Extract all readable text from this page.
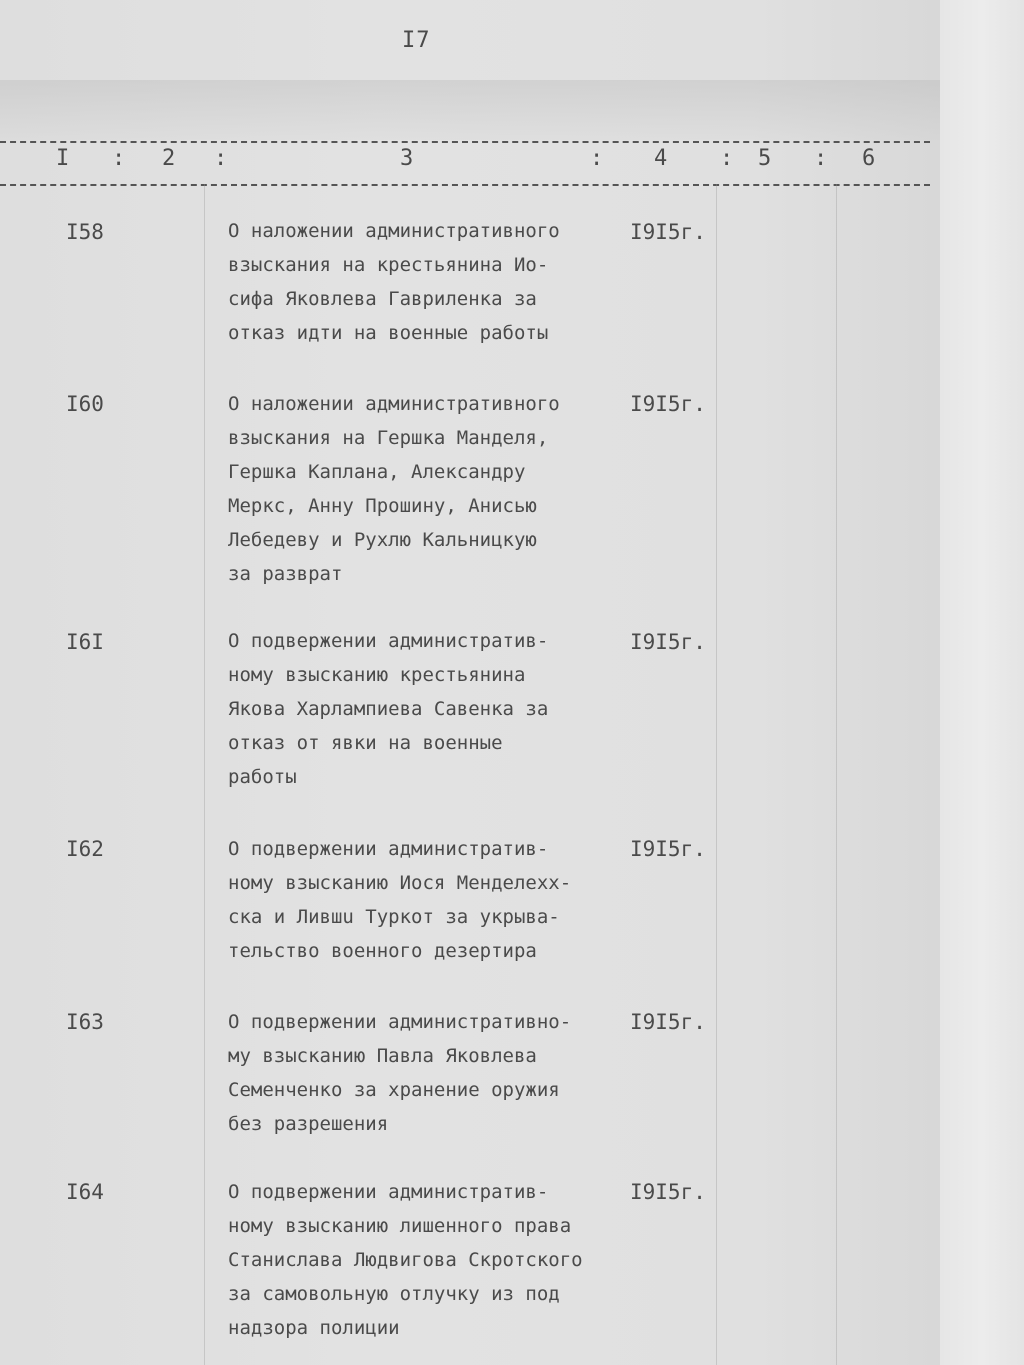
I7
I : 2 :	3	: 4 : 5 : 6
I58	О наложении административного
взыскания на крестьянина Ио-
сифа Яковлева Гавриленка за
отказ идти на военные работы
I9I5г.
I60	О наложении административного
взыскания на Гершка Манделя,
Гершка Каплана, Александру
Меркс, Анну Прошину, Анисью
Лебедеву и Рухлю Кальницкую
за разврат
I9I5г.
I6I	О подвержении административ-
ному взысканию крестьянина
Якова Харлампиева Савенка за
отказ от явки на военные
работы
I9I5г.
I62	О подвержении административ-
ному взысканию Иося Менделехх-
ска и Лившu Туркот за укрыва-
тельство военного дезертира
I9I5г.
I63	О подвержении административно-
му взысканию Павла Яковлева
Семенченко за хранение оружия
без разрешения
I9I5г.
I64	О подвержении административ-
ному взысканию лишенного права
Станислава Людвигова Скротского
за самовольную отлучку из под
надзора полиции
I9I5г.
